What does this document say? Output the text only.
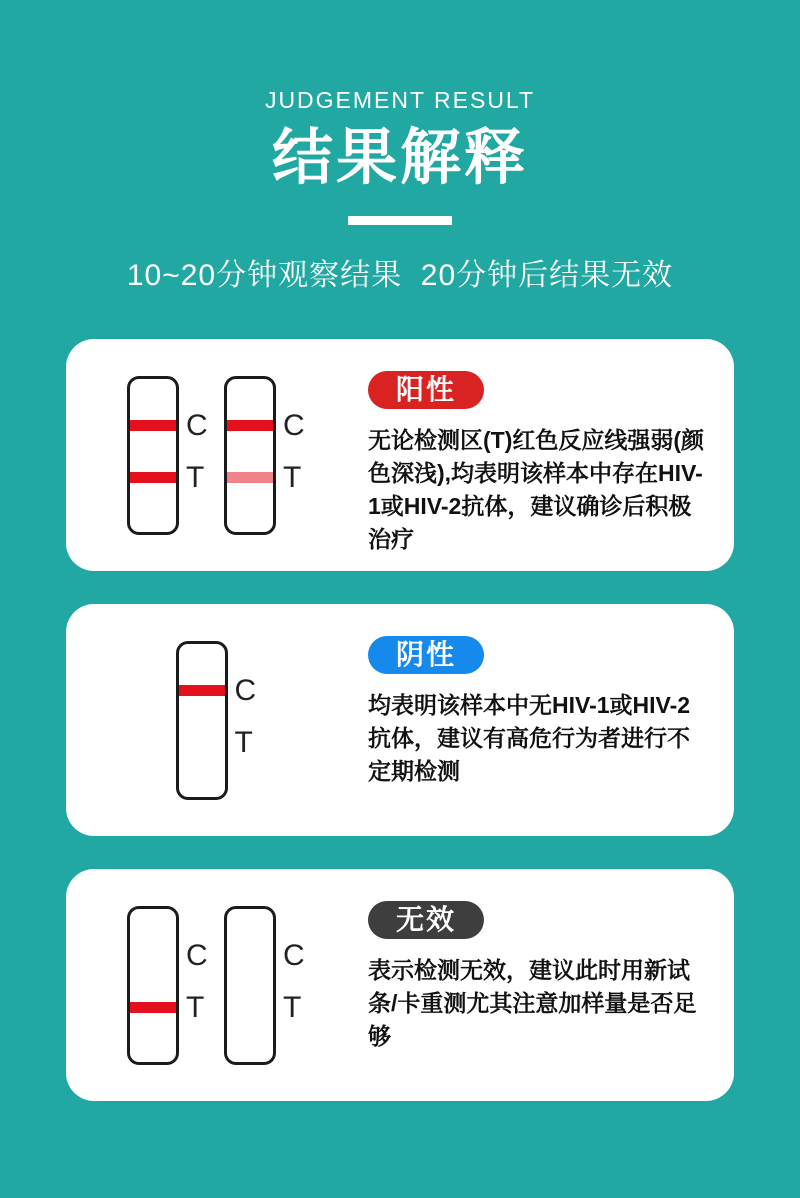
JUDGEMENT RESULT
结果解释
10~20分钟观察结果  20分钟后结果无效
C
T
C
T
阳性
无论检测区(T)红色反应线强弱(颜色深浅),均表明该样本中存在HIV-1或HIV-2抗体，建议确诊后积极治疗
C
T
阴性
均表明该样本中无HIV-1或HIV-2抗体，建议有高危行为者进行不定期检测
C
T
C
T
无效
表示检测无效，建议此时用新试条/卡重测尤其注意加样量是否足够
